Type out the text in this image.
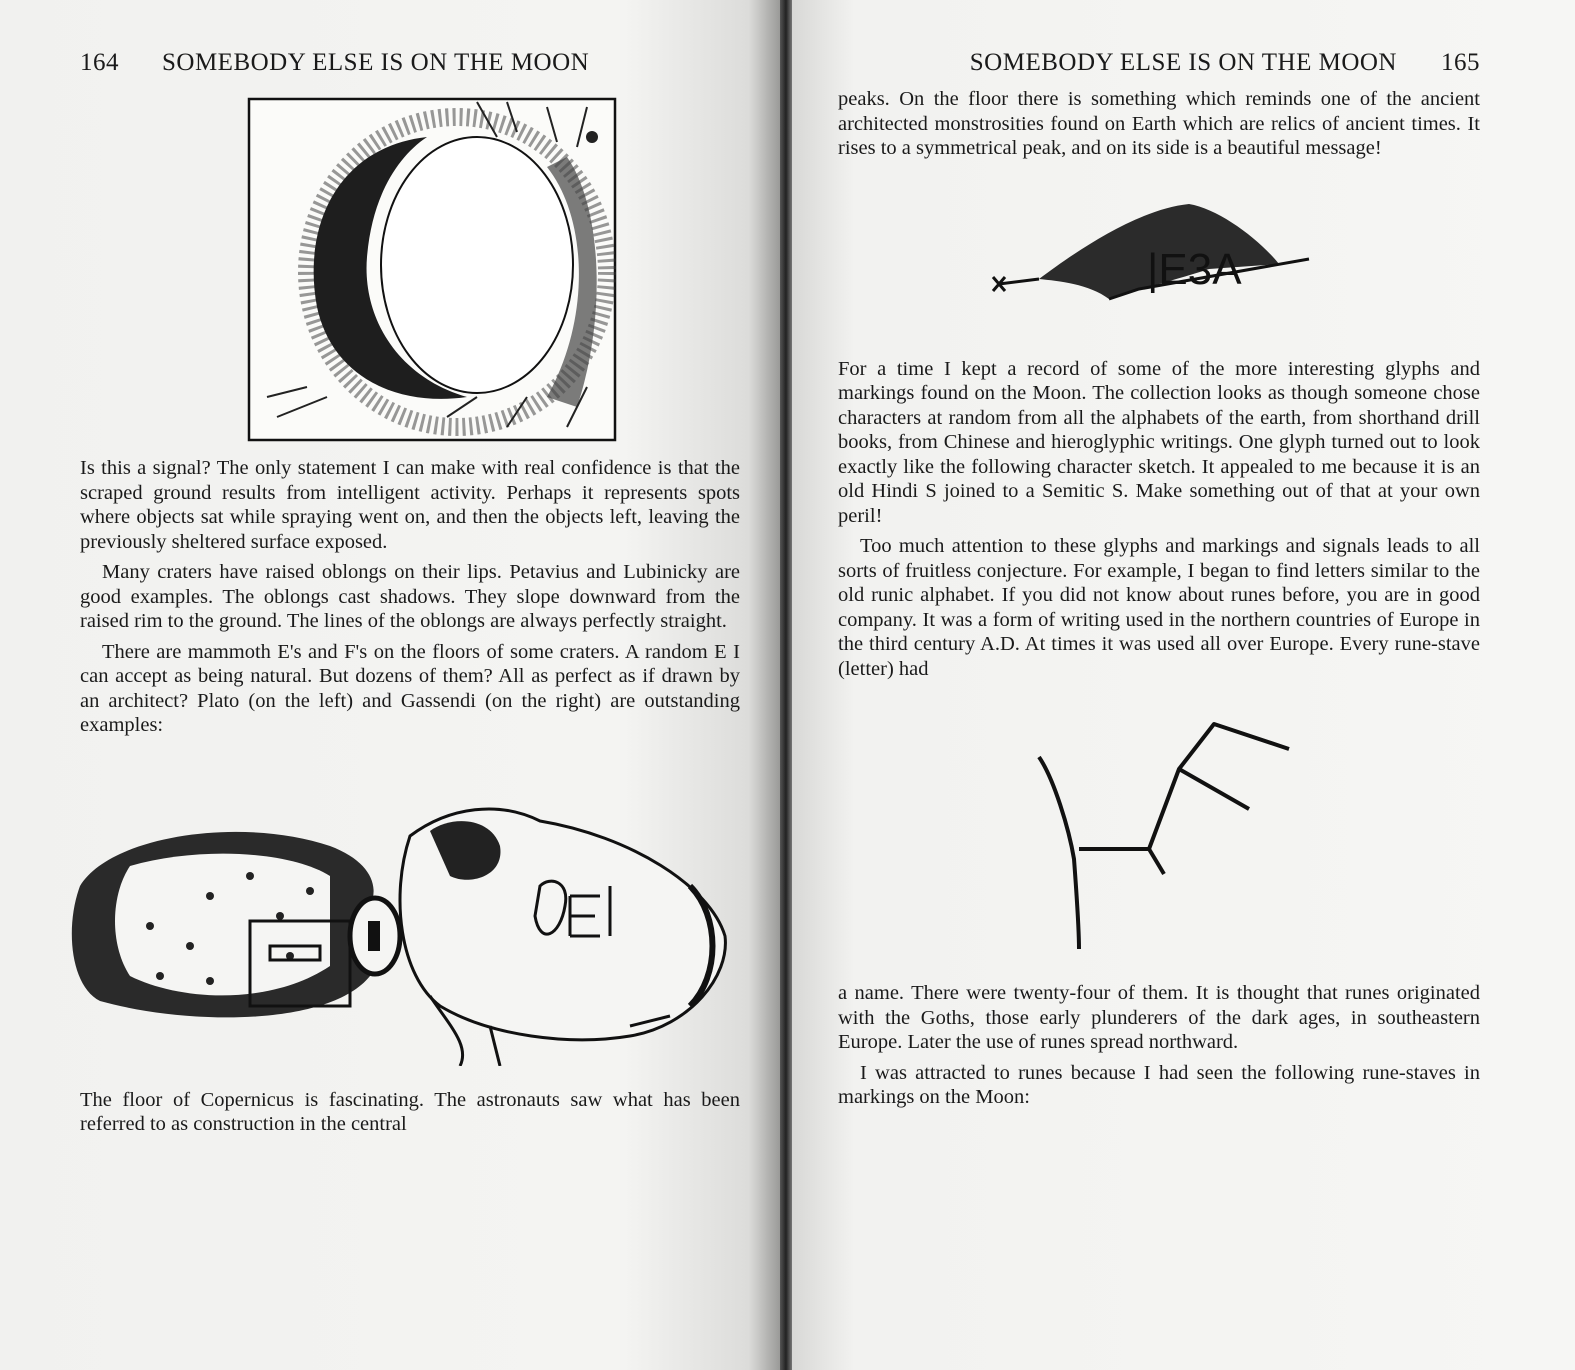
164	SOMEBODY ELSE IS ON THE MOON

Is this a signal? The only statement I can make with real confidence is that the scraped ground results from intelligent activity. Perhaps it represents spots where objects sat while spraying went on, and then the objects left, leaving the previously sheltered surface exposed.

Many craters have raised oblongs on their lips. Petavius and Lubinicky are good examples. The oblongs cast shadows. They slope downward from the raised rim to the ground. The lines of the oblongs are always perfectly straight.

There are mammoth E's and F's on the floors of some craters. A random E I can accept as being natural. But dozens of them? All as perfect as if drawn by an architect? Plato (on the left) and Gassendi (on the right) are outstanding examples:

The floor of Copernicus is fascinating. The astronauts saw what has been referred to as construction in the central

SOMEBODY ELSE IS ON THE MOON 165

peaks. On the floor there is something which reminds one of the ancient architected monstrosities found on Earth which are relics of ancient times. It rises to a symmetrical peak, and on its side is a beautiful message!

|E3A

For a time I kept a record of some of the more interesting glyphs and markings found on the Moon. The collection looks as though someone chose characters at random from all the alphabets of the earth, from shorthand drill books, from Chinese and hieroglyphic writings. One glyph turned out to look exactly like the following character sketch. It appealed to me because it is an old Hindi S joined to a Semitic S. Make something out of that at your own peril!

Too much attention to these glyphs and markings and signals leads to all sorts of fruitless conjecture. For example, I began to find letters similar to the old runic alphabet. If you did not know about runes before, you are in good company. It was a form of writing used in the northern countries of Europe in the third century A.D. At times it was used all over Europe. Every rune-stave (letter) had

a name. There were twenty-four of them. It is thought that runes originated with the Goths, those early plunderers of the dark ages, in southeastern Europe. Later the use of runes spread northward.

I was attracted to runes because I had seen the following rune-staves in markings on the Moon:
